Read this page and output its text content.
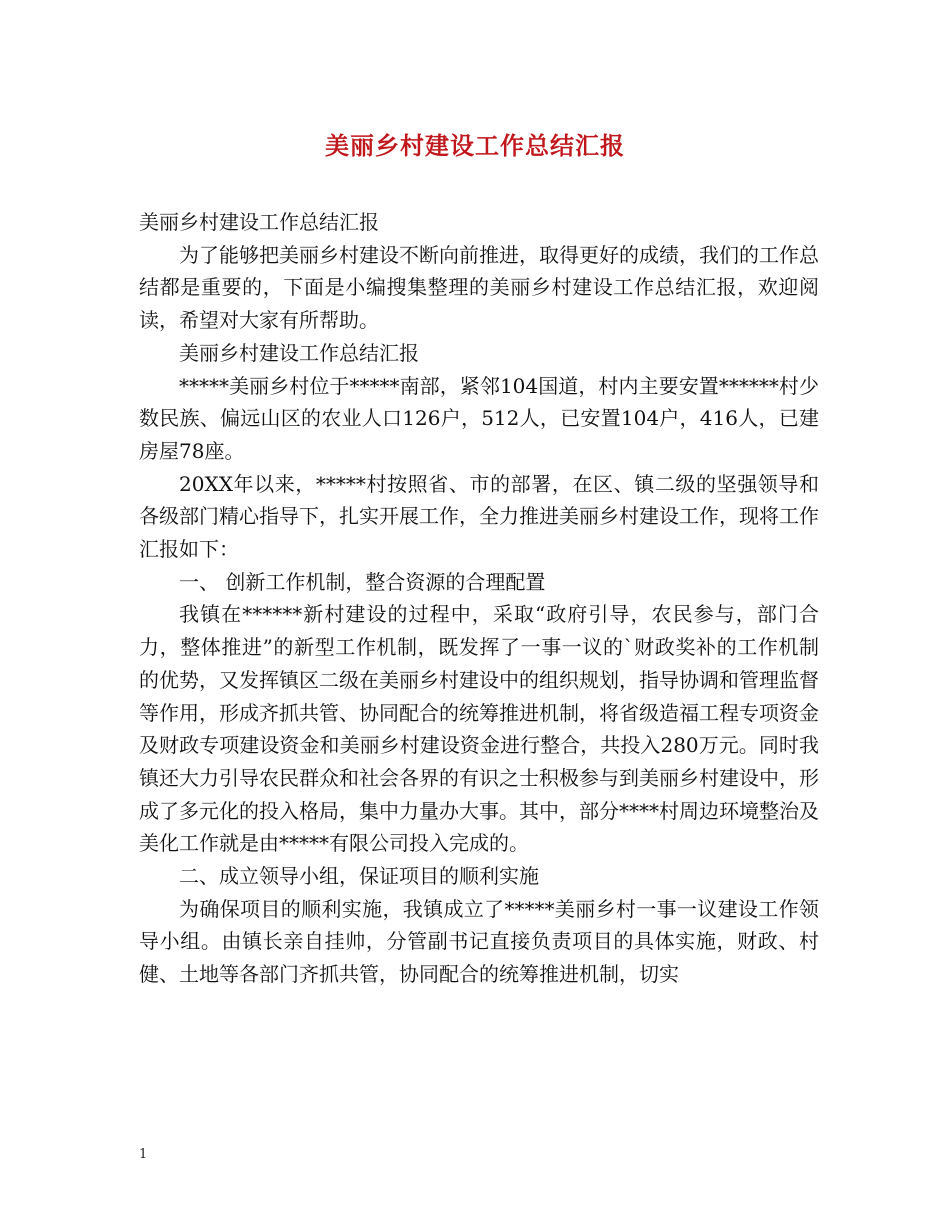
美丽乡村建设工作总结汇报

美丽乡村建设工作总结汇报

为了能够把美丽乡村建设不断向前推进，取得更好的成绩，我们的工作总结都是重要的，下面是小编搜集整理的美丽乡村建设工作总结汇报，欢迎阅读，希望对大家有所帮助。

美丽乡村建设工作总结汇报

*****美丽乡村位于*****南部，紧邻104国道，村内主要安置******村少数民族、偏远山区的农业人口126户，512人，已安置104户，416人，已建房屋78座。

20XX年以来，*****村按照省、市的部署，在区、镇二级的坚强领导和各级部门精心指导下，扎实开展工作，全力推进美丽乡村建设工作，现将工作汇报如下：

一、 创新工作机制，整合资源的合理配置

我镇在******新村建设的过程中，采取“政府引导，农民参与，部门合力，整体推进”的新型工作机制，既发挥了一事一议的`财政奖补的工作机制的优势，又发挥镇区二级在美丽乡村建设中的组织规划，指导协调和管理监督等作用，形成齐抓共管、协同配合的统筹推进机制，将省级造福工程专项资金及财政专项建设资金和美丽乡村建设资金进行整合，共投入280万元。同时我镇还大力引导农民群众和社会各界的有识之士积极参与到美丽乡村建设中，形成了多元化的投入格局，集中力量办大事。其中，部分****村周边环境整治及美化工作就是由*****有限公司投入完成的。

二、成立领导小组，保证项目的顺利实施

为确保项目的顺利实施，我镇成立了*****美丽乡村一事一议建设工作领导小组。由镇长亲自挂帅，分管副书记直接负责项目的具体实施，财政、村健、土地等各部门齐抓共管，协同配合的统筹推进机制，切实

1
